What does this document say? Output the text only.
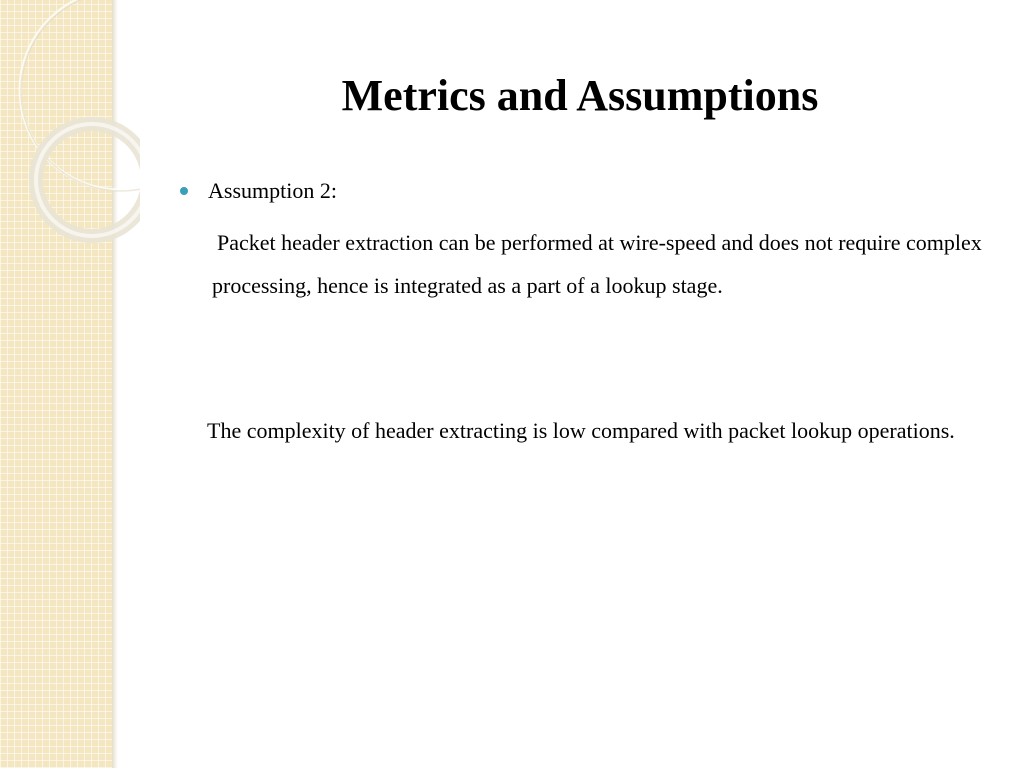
Metrics and Assumptions
Assumption 2:

Packet header extraction can be performed at wire-speed and does not require complex processing, hence is integrated as a part of a lookup stage.

The complexity of header extracting is low compared with packet lookup operations.
